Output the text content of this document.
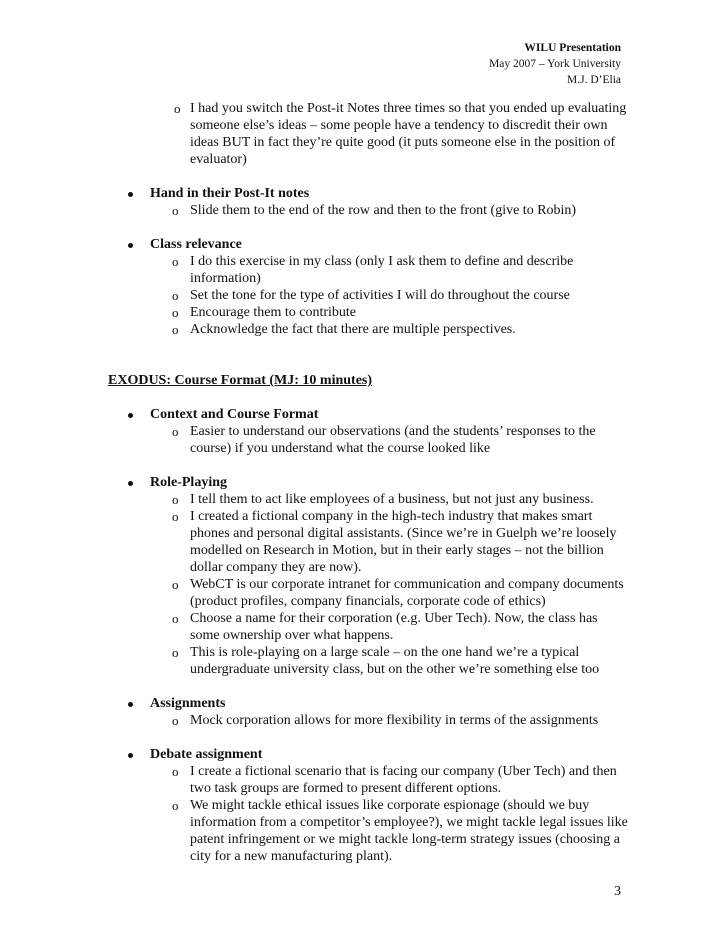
WILU Presentation
May 2007 – York University
M.J. D’Elia
o I had you switch the Post-it Notes three times so that you ended up evaluating someone else’s ideas – some people have a tendency to discredit their own ideas BUT in fact they’re quite good (it puts someone else in the position of evaluator)
Hand in their Post-It notes
o Slide them to the end of the row and then to the front (give to Robin)
Class relevance
o I do this exercise in my class (only I ask them to define and describe information)
o Set the tone for the type of activities I will do throughout the course
o Encourage them to contribute
o Acknowledge the fact that there are multiple perspectives.
EXODUS: Course Format (MJ: 10 minutes)
Context and Course Format
o Easier to understand our observations (and the students’ responses to the course) if you understand what the course looked like
Role-Playing
o I tell them to act like employees of a business, but not just any business.
o I created a fictional company in the high-tech industry that makes smart phones and personal digital assistants. (Since we’re in Guelph we’re loosely modelled on Research in Motion, but in their early stages – not the billion dollar company they are now).
o WebCT is our corporate intranet for communication and company documents (product profiles, company financials, corporate code of ethics)
o Choose a name for their corporation (e.g. Uber Tech). Now, the class has some ownership over what happens.
o This is role-playing on a large scale – on the one hand we’re a typical undergraduate university class, but on the other we’re something else too
Assignments
o Mock corporation allows for more flexibility in terms of the assignments
Debate assignment
o I create a fictional scenario that is facing our company (Uber Tech) and then two task groups are formed to present different options.
o We might tackle ethical issues like corporate espionage (should we buy information from a competitor’s employee?), we might tackle legal issues like patent infringement or we might tackle long-term strategy issues (choosing a city for a new manufacturing plant).
3
